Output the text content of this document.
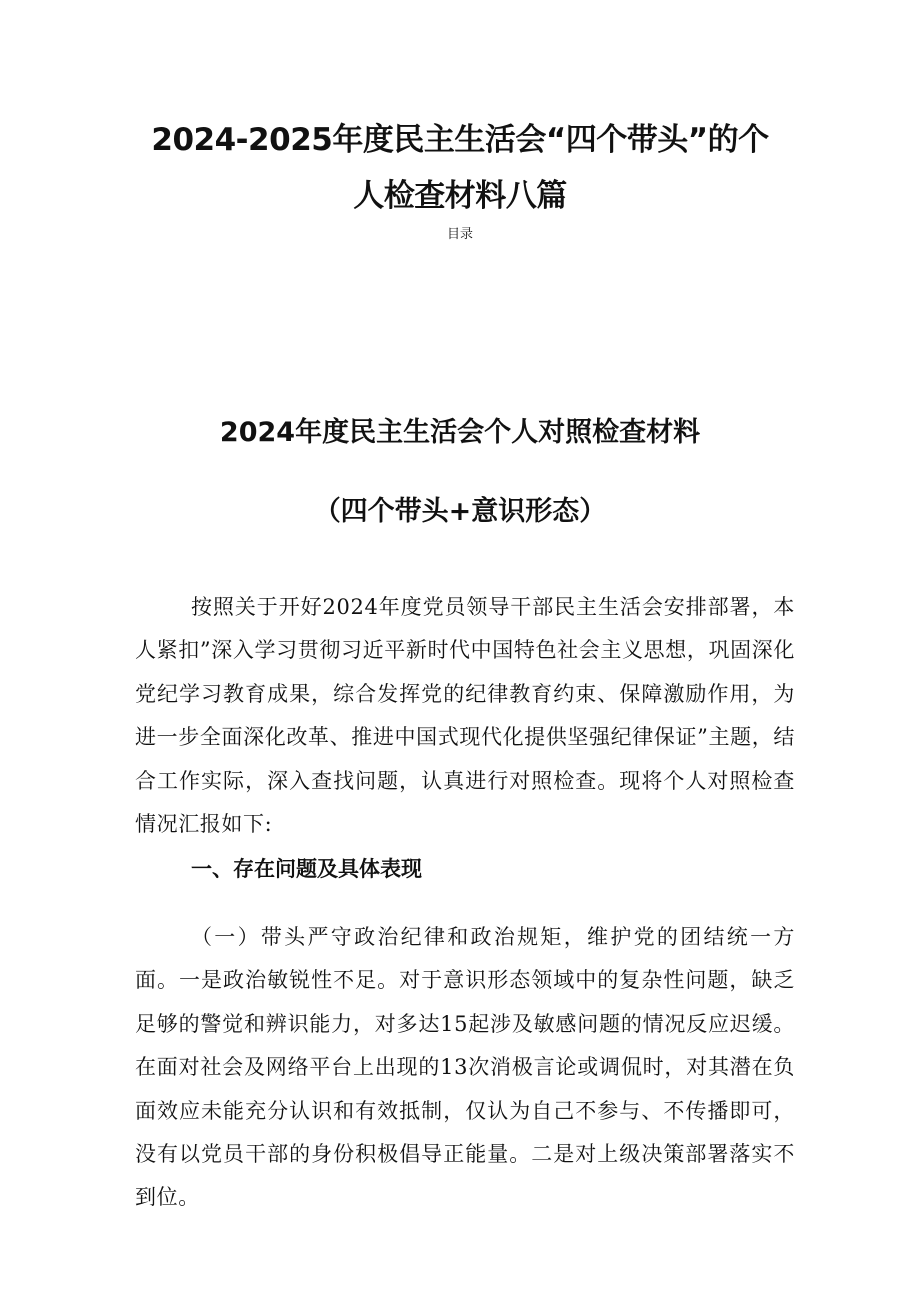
2024-2025年度民主生活会“四个带头”的个
人检查材料八篇

目录

2024年度民主生活会个人对照检查材料
（四个带头+意识形态）

按照关于开好2024年度党员领导干部民主生活会安排部署，本人紧扣”深入学习贯彻习近平新时代中国特色社会主义思想，巩固深化党纪学习教育成果，综合发挥党的纪律教育约束、保障激励作用，为进一步全面深化改革、推进中国式现代化提供坚强纪律保证”主题，结合工作实际，深入查找问题，认真进行对照检查。现将个人对照检查情况汇报如下:

一、存在问题及具体表现

（一）带头严守政治纪律和政治规矩，维护党的团结统一方面。一是政治敏锐性不足。对于意识形态领域中的复杂性问题，缺乏足够的警觉和辨识能力，对多达15起涉及敏感问题的情况反应迟缓。在面对社会及网络平台上出现的13次消极言论或调侃时，对其潜在负面效应未能充分认识和有效抵制，仅认为自己不参与、不传播即可，没有以党员干部的身份积极倡导正能量。二是对上级决策部署落实不到位。
